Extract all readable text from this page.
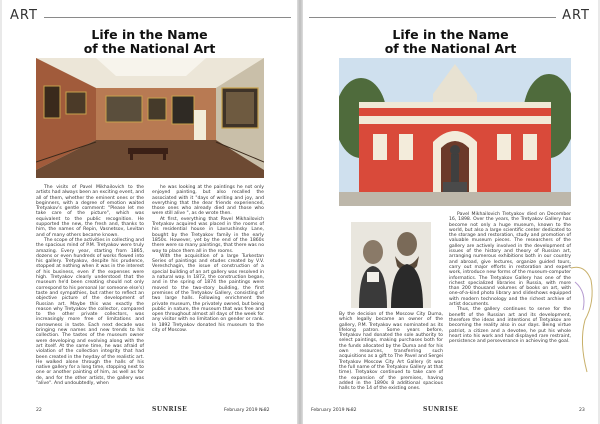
ART
Life in the Name
of the National Art

The visits of Pavel Mikhailovich to the artists had always been an exciting event, and all of them, whether the eminent ones or the beginners, with a degree of emotion waited Tretyakov's gentle comment: "Please let me take care of the picture", which was equivalent to the public recognition. He supported the new, the fresh and, thanks to him, the names of Repin, Vasnetsov, Levitan and of many others became known.

The scope of the activities in collecting and the spacious mind of P.M. Tretyakov were truly amazing. Every year, starting from 1865, dozens or even hundreds of works flowed into his gallery. Tretyakov, despite his prudence, stopped at nothing when it was in the interest of his business, even if the expenses were high. Tretyakov clearly understood that the museum he'd been creating should not only correspond to his personal (or someone else's) taste and sympathies, but rather to reflect an objective picture of the development of Russian art. Maybe this was exactly the reason why Tretyakov the collector, compared to the other private collectors, was increasingly more free of limitations and narrowness in taste. Each next decade was bringing new names and new trends to his collection. The tastes of the museum owner were developing and evolving along with the art itself. At the same time, he was afraid of violation of the collection integrity that had been created in the heyday of the realistic art. He walked alone through the halls of his native gallery for a long time, stopping next to one or another painting of him, as well as for de, and for the other artists, the gallery was "alive". And undoubtedly, when

he was looking at the paintings he not only enjoyed painting, but also recalled the associated with it "days of writing and joy, and everything that the dear friends experienced, those ones who already died and those who were still alive ", as de wrote then.

At first, everything that Pavel Mikhailovich Tretyakov acquired was placed in the rooms of his residential house in Lavrushinsky Lane, bought by the Tretyakov family in the early 1850s. However, yet by the end of the 1860s there were so many paintings, that there was no way to place them all in the rooms.

With the acquisition of a large Turkestan Series of paintings and etudes created by V.V. Vereshchagin, the issue of construction of a special building of an art gallery was resolved in a natural way. In 1872, the construction began, and in the spring of 1874 the paintings were moved to the two-story building, the first premises of the Tretyakov Gallery, consisting of two large halls. Following enrichment the private museum, the privately owned, but being public in nature, the museum that was free and open throughout almost all days of the week for any visitor with no limitation on gender or rank. In 1892 Tretyakov donated his museum to the city of Moscow.

22	SUNRISE	February 2019 №82
ART
Life in the Name
of the National Art
By the decision of the Moscow City Duma, which legally became an owner of the gallery, P.M. Tretyakov was nominated as its lifelong patron. Some years before, Tretyakov had donated the sole authority to select paintings, making purchases both for the funds allocated by the Duma and for his own resources, transferring such acquisitions as a gift to The Pavel and Sergei Tretyakov Moscow City Art Gallery (it was the full name of the Tretyakov Gallery at that time). Tretyakov continued to take care of the expansion of the premises, having added in the 1890s 8 additional spacious halls to the 14 of the existing ones.

Pavel Mikhailovich Tretyakov died on December 16, 1898. Over the years, the Tretyakov Gallery has become not only a huge museum, known to the world, but also a large scientific center dedicated to the storage and restoration, study and promotion of valuable museum pieces. The researchers of the gallery are actively involved in the development of issues of the history and theory of Russian art, arranging numerous exhibitions both in our country and abroad, give lectures, organize guided tours, carry out major efforts in restoration and expert work, introduce new forms of the museum-computer informatics. The Tretyakov Gallery has one of the richest specialized libraries in Russia, with more than 200 thousand volumes of books on art, with one-of-a-kind photo library and slideshows equipped with modern technology and the richest archive of artist documents.

Thus, the gallery continues to serve for the benefit of the Russian art and its development, therefore the ideas and intentions of Tretyakov are becoming the reality also in our days. Being virtue patriot, a citizen and a devotee, he put his whole heart into his work and had displayed rare restraint, persistence and perseverance in achieving the goal.

February 2019 №82	SUNRISE	23
